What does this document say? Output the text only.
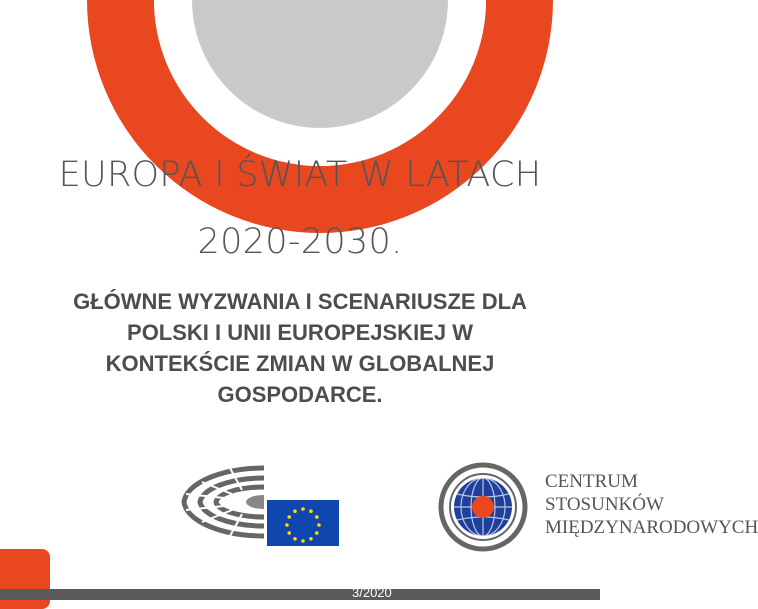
EUROPA I ŚWIAT W LATACH
2020-2030.
GŁÓWNE WYZWANIA I SCENARIUSZE DLA
POLSKI I UNII EUROPEJSKIEJ W
KONTEKŚCIE ZMIAN W GLOBALNEJ
GOSPODARCE.
CENTRUM
STOSUNKÓW
MIĘDZYNARODOWYCH
3/2020
